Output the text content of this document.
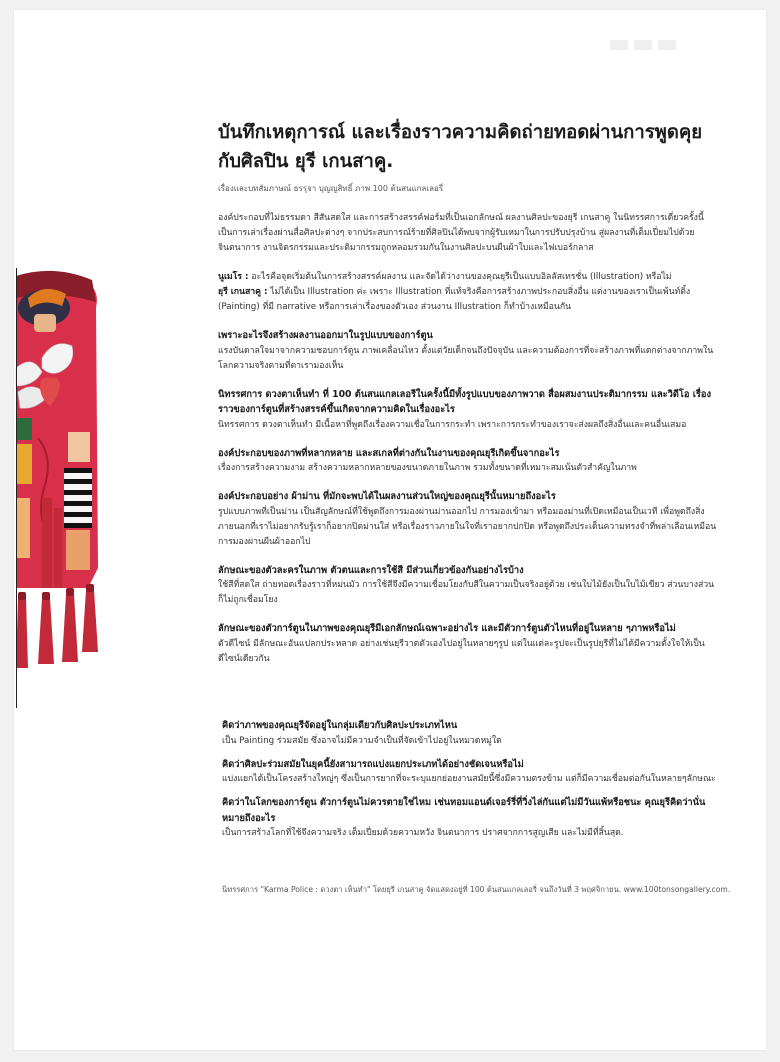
บันทึกเหตุการณ์ และเรื่องราวความคิดถ่ายทอดผ่านการพูดคุยกับศิลปิน ยุรี เกนสาคู.
เรื่องและบทสัมภาษณ์ ธรรุจา บุญญสิทธิ์ ภาพ 100 ต้นสนแกลเลอรี่

องค์ประกอบที่ไม่ธรรมดา สีสันสดใส และการสร้างสรรค์ฟอร์มที่เป็นเอกลักษณ์ ผลงานศิลปะของยุรี เกนสาคู ในนิทรรศการเดี่ยวครั้งนี้เป็นการเล่าเรื่องผ่านสื่อศิลปะต่างๆ จากประสบการณ์ร้ายที่ศิลปินได้พบจากผู้รับเหมาในการปรับปรุงบ้าน สู่ผลงานที่เต็มเปี่ยมไปด้วยจินตนาการ งานจิตรกรรมและประติมากรรมถูกหลอมรวมกันในงานศิลปะบนผืนผ้าใบและไฟเบอร์กลาส

นูเมโร : อะไรคือจุดเริ่มต้นในการสร้างสรรค์ผลงาน และจัดได้ว่างานของคุณยุรีเป็นแบบอิลลัสเทรชั่น (Illustration) หรือไม่

ยุรี เกนสาคู : ไม่ได้เป็น Illustration ค่ะ เพราะ Illustration ที่แท้จริงคือการสร้างภาพประกอบสิ่งอื่น แต่งานของเราเป็นเพ้นท์ติ้ง (Painting) ที่มี narrative หรือการเล่าเรื่องของตัวเอง ส่วนงาน Illustration ก็ทำบ้างเหมือนกัน

เพราะอะไรจึงสร้างผลงานออกมาในรูปแบบของการ์ตูน

แรงบันดาลใจมาจากความชอบการ์ตูน ภาพเคลื่อนไหว ตั้งแต่วัยเด็กจนถึงปัจจุบัน และความต้องการที่จะสร้างภาพที่แตกต่างจากภาพในโลกความจริงตามที่ตาเรามองเห็น

นิทรรศการ ดวงตาเห็นทำ ที่ 100 ต้นสนแกลเลอรีในครั้งนี้มีทั้งรูปแบบของภาพวาด สื่อผสมงานประติมากรรม และวิดีโอ เรื่องราวของการ์ตูนที่สร้างสรรค์ขึ้นเกิดจากความคิดในเรื่องอะไร

นิทรรศการ ดวงตาเห็นทำ มีเนื้อหาที่พูดถึงเรื่องความเชื่อในการกระทำ เพราะการกระทำของเราจะส่งผลถึงสิ่งอื่นและคนอื่นเสมอ

องค์ประกอบของภาพที่หลากหลาย และสเกลที่ต่างกันในงานของคุณยุรีเกิดขึ้นจากอะไร

เรื่องการสร้างความงาม สร้างความหลากหลายของขนาดภายในภาพ รวมทั้งขนาดที่เหมาะสมเน้นตัวสำคัญในภาพ

องค์ประกอบอย่าง ผ้าม่าน ที่มักจะพบได้ในผลงานส่วนใหญ่ของคุณยุรีนั้นหมายถึงอะไร

รูปแบบภาพที่เป็นม่าน เป็นสัญลักษณ์ที่ใช้พูดถึงการมองผ่านม่านออกไป การมองเข้ามา หรือมองม่านที่เปิดเหมือนเป็นเวที เพื่อพูดถึงสิ่งภายนอกที่เราไม่อยากรับรู้เราก็อยากปิดม่านใส่ หรือเรื่องราวภายในใจที่เราอยากปกปิด หรือพูดถึงประเด็นความทรงจำที่พล่าเลือนเหมือนการมองผ่านผืนผ้าออกไป

ลักษณะของตัวละครในภาพ ตัวตนและการใช้สี มีส่วนเกี่ยวข้องกันอย่างไรบ้าง

ใช้สีที่สดใส ถ่ายทอดเรื่องราวที่หม่นมัว การใช้สีจึงมีความเชื่อมโยงกับสีในความเป็นจริงอยู่ด้วย เช่นใบไม้ยังเป็นใบไม้เขียว ส่วนบางส่วนก็ไม่ถูกเชื่อมโยง

ลักษณะของตัวการ์ตูนในภาพของคุณยุรีมีเอกลักษณ์เฉพาะอย่างไร และมีตัวการ์ตูนตัวไหนที่อยู่ในหลาย ๆภาพหรือไม่

ตัวดีไซน์ มีลักษณะอันแปลกประหลาด อย่างเช่นยุรีวาดตัวเองไปอยู่ในหลายๆรูป แต่ในแต่ละรูปจะเป็นรูปยุรีที่ไม่ได้มีความตั้งใจให้เป็นดีไซน์เดียวกัน

คิดว่าภาพของคุณยุรีจัดอยู่ในกลุ่มเดียวกับศิลปะประเภทไหน

เป็น Painting ร่วมสมัย ซึ่งอาจไม่มีความจำเป็นที่จัดเข้าไปอยู่ในหมวดหมู่ใด

คิดว่าศิลปะร่วมสมัยในยุคนี้ยังสามารถแบ่งแยกประเภทได้อย่างชัดเจนหรือไม่

แบ่งแยกได้เป็นโครงสร้างใหญ่ๆ ซึ่งเป็นการยากที่จะระบุแยกย่อยงานสมัยนี้ซึ่งมีความตรงข้าม แต่ก็มีความเชื่อมต่อกันในหลายๆลักษณะ

คิดว่าในโลกของการ์ตูน ตัวการ์ตูนไม่ควรตายใช่ไหม เช่นทอมแอนด์เจอร์รี่ที่วิ่งไล่กันแต่ไม่มีวันแพ้หรือชนะ คุณยุรีคิดว่านั่นหมายถึงอะไร

เป็นการสร้างโลกที่ใช้จึงความจริง เต็มเปี่ยมด้วยความหวัง จินตนาการ ปราศจากการสูญเสีย และไม่มีที่สิ้นสุด.

นิทรรศการ "Karma Police : ดวงตา เห็นทำ" โดยยุรี เกนสาคู จัดแสดงอยู่ที่ 100 ต้นสนแกลเลอรี่ จนถึงวันที่ 3 พฤศจิกายน. www.100tonsongallery.com.
